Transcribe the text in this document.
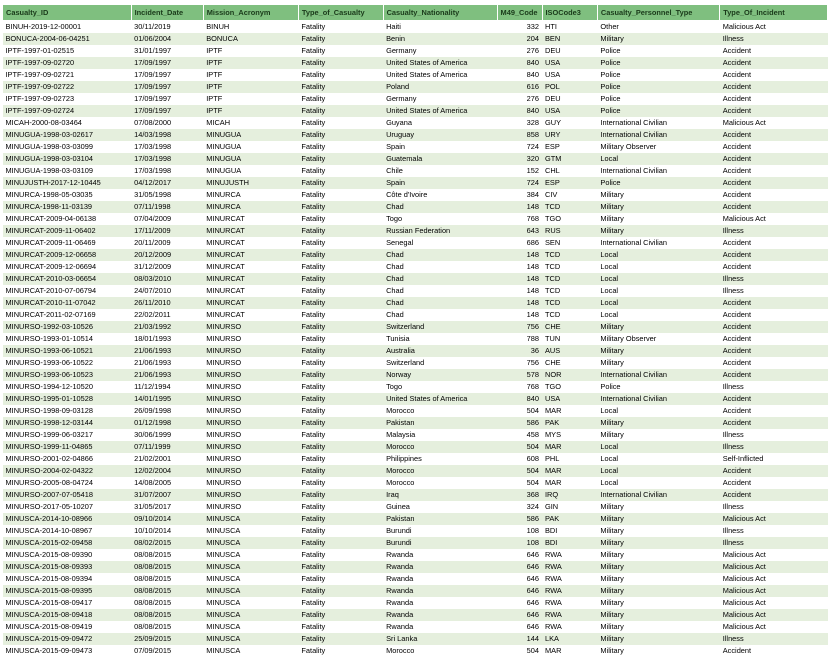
Casualty_ID	Incident_Date	Mission_Acronym	Type_of_Casualty	Casualty_Nationality	M49_Code	ISOCode3	Casualty_Personnel_Type	Type_Of_Incident
BINUH-2019-12-00001	30/11/2019	BINUH	Fatality	Haiti	332	HTI	Other	Malicious Act
BONUCA-2004-06-04251	01/06/2004	BONUCA	Fatality	Benin	204	BEN	Military	Illness
IPTF-1997-01-02515	31/01/1997	IPTF	Fatality	Germany	276	DEU	Police	Accident
IPTF-1997-09-02720	17/09/1997	IPTF	Fatality	United States of America	840	USA	Police	Accident
IPTF-1997-09-02721	17/09/1997	IPTF	Fatality	United States of America	840	USA	Police	Accident
IPTF-1997-09-02722	17/09/1997	IPTF	Fatality	Poland	616	POL	Police	Accident
IPTF-1997-09-02723	17/09/1997	IPTF	Fatality	Germany	276	DEU	Police	Accident
IPTF-1997-09-02724	17/09/1997	IPTF	Fatality	United States of America	840	USA	Police	Accident
MICAH-2000-08-03464	07/08/2000	MICAH	Fatality	Guyana	328	GUY	International Civilian	Malicious Act
MINUGUA-1998-03-02617	14/03/1998	MINUGUA	Fatality	Uruguay	858	URY	International Civilian	Accident
MINUGUA-1998-03-03099	17/03/1998	MINUGUA	Fatality	Spain	724	ESP	Military Observer	Accident
MINUGUA-1998-03-03104	17/03/1998	MINUGUA	Fatality	Guatemala	320	GTM	Local	Accident
MINUGUA-1998-03-03109	17/03/1998	MINUGUA	Fatality	Chile	152	CHL	International Civilian	Accident
MINUJUSTH-2017-12-10445	04/12/2017	MINUJUSTH	Fatality	Spain	724	ESP	Police	Accident
MINURCA-1998-05-03035	31/05/1998	MINURCA	Fatality	Côte d'Ivoire	384	CIV	Military	Accident
MINURCA-1998-11-03139	07/11/1998	MINURCA	Fatality	Chad	148	TCD	Military	Accident
MINURCAT-2009-04-06138	07/04/2009	MINURCAT	Fatality	Togo	768	TGO	Military	Malicious Act
MINURCAT-2009-11-06402	17/11/2009	MINURCAT	Fatality	Russian Federation	643	RUS	Military	Illness
MINURCAT-2009-11-06469	20/11/2009	MINURCAT	Fatality	Senegal	686	SEN	International Civilian	Accident
MINURCAT-2009-12-06658	20/12/2009	MINURCAT	Fatality	Chad	148	TCD	Local	Accident
MINURCAT-2009-12-06694	31/12/2009	MINURCAT	Fatality	Chad	148	TCD	Local	Accident
MINURCAT-2010-03-06654	08/03/2010	MINURCAT	Fatality	Chad	148	TCD	Local	Illness
MINURCAT-2010-07-06794	24/07/2010	MINURCAT	Fatality	Chad	148	TCD	Local	Illness
MINURCAT-2010-11-07042	26/11/2010	MINURCAT	Fatality	Chad	148	TCD	Local	Accident
MINURCAT-2011-02-07169	22/02/2011	MINURCAT	Fatality	Chad	148	TCD	Local	Accident
MINURSO-1992-03-10526	21/03/1992	MINURSO	Fatality	Switzerland	756	CHE	Military	Accident
MINURSO-1993-01-10514	18/01/1993	MINURSO	Fatality	Tunisia	788	TUN	Military Observer	Accident
MINURSO-1993-06-10521	21/06/1993	MINURSO	Fatality	Australia	36	AUS	Military	Accident
MINURSO-1993-06-10522	21/06/1993	MINURSO	Fatality	Switzerland	756	CHE	Military	Accident
MINURSO-1993-06-10523	21/06/1993	MINURSO	Fatality	Norway	578	NOR	International Civilian	Accident
MINURSO-1994-12-10520	11/12/1994	MINURSO	Fatality	Togo	768	TGO	Police	Illness
MINURSO-1995-01-10528	14/01/1995	MINURSO	Fatality	United States of America	840	USA	International Civilian	Accident
MINURSO-1998-09-03128	26/09/1998	MINURSO	Fatality	Morocco	504	MAR	Local	Accident
MINURSO-1998-12-03144	01/12/1998	MINURSO	Fatality	Pakistan	586	PAK	Military	Accident
MINURSO-1999-06-03217	30/06/1999	MINURSO	Fatality	Malaysia	458	MYS	Military	Illness
MINURSO-1999-11-04865	07/11/1999	MINURSO	Fatality	Morocco	504	MAR	Local	Illness
MINURSO-2001-02-04866	21/02/2001	MINURSO	Fatality	Philippines	608	PHL	Local	Self-Inflicted
MINURSO-2004-02-04322	12/02/2004	MINURSO	Fatality	Morocco	504	MAR	Local	Accident
MINURSO-2005-08-04724	14/08/2005	MINURSO	Fatality	Morocco	504	MAR	Local	Accident
MINURSO-2007-07-05418	31/07/2007	MINURSO	Fatality	Iraq	368	IRQ	International Civilian	Accident
MINURSO-2017-05-10207	31/05/2017	MINURSO	Fatality	Guinea	324	GIN	Military	Illness
MINUSCA-2014-10-08966	09/10/2014	MINUSCA	Fatality	Pakistan	586	PAK	Military	Malicious Act
MINUSCA-2014-10-08967	10/10/2014	MINUSCA	Fatality	Burundi	108	BDI	Military	Illness
MINUSCA-2015-02-09458	08/02/2015	MINUSCA	Fatality	Burundi	108	BDI	Military	Illness
MINUSCA-2015-08-09390	08/08/2015	MINUSCA	Fatality	Rwanda	646	RWA	Military	Malicious Act
MINUSCA-2015-08-09393	08/08/2015	MINUSCA	Fatality	Rwanda	646	RWA	Military	Malicious Act
MINUSCA-2015-08-09394	08/08/2015	MINUSCA	Fatality	Rwanda	646	RWA	Military	Malicious Act
MINUSCA-2015-08-09395	08/08/2015	MINUSCA	Fatality	Rwanda	646	RWA	Military	Malicious Act
MINUSCA-2015-08-09417	08/08/2015	MINUSCA	Fatality	Rwanda	646	RWA	Military	Malicious Act
MINUSCA-2015-08-09418	08/08/2015	MINUSCA	Fatality	Rwanda	646	RWA	Military	Malicious Act
MINUSCA-2015-08-09419	08/08/2015	MINUSCA	Fatality	Rwanda	646	RWA	Military	Malicious Act
MINUSCA-2015-09-09472	25/09/2015	MINUSCA	Fatality	Sri Lanka	144	LKA	Military	Illness
MINUSCA-2015-09-09473	07/09/2015	MINUSCA	Fatality	Morocco	504	MAR	Military	Accident
